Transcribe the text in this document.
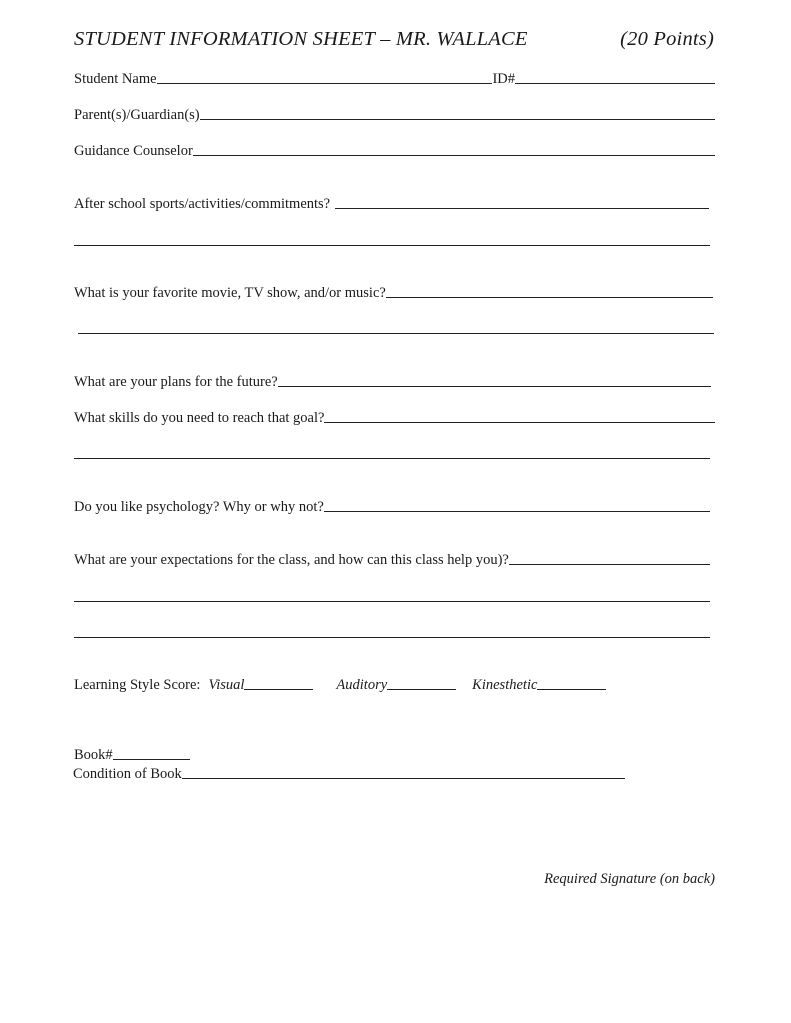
STUDENT INFORMATION SHEET – MR. WALLACE	(20 Points)
Student Name	ID#
Parent(s)/Guardian(s)
Guidance Counselor
After school sports/activities/commitments?
What is your favorite movie, TV show, and/or music?
What are your plans for the future?
What skills do you need to reach that goal?
Do you like psychology? Why or why not?
What are your expectations for the class, and how can this class help you)?
Learning Style Score: Visual	Auditory	Kinesthetic
Book#
Condition of Book
Required Signature (on back)
